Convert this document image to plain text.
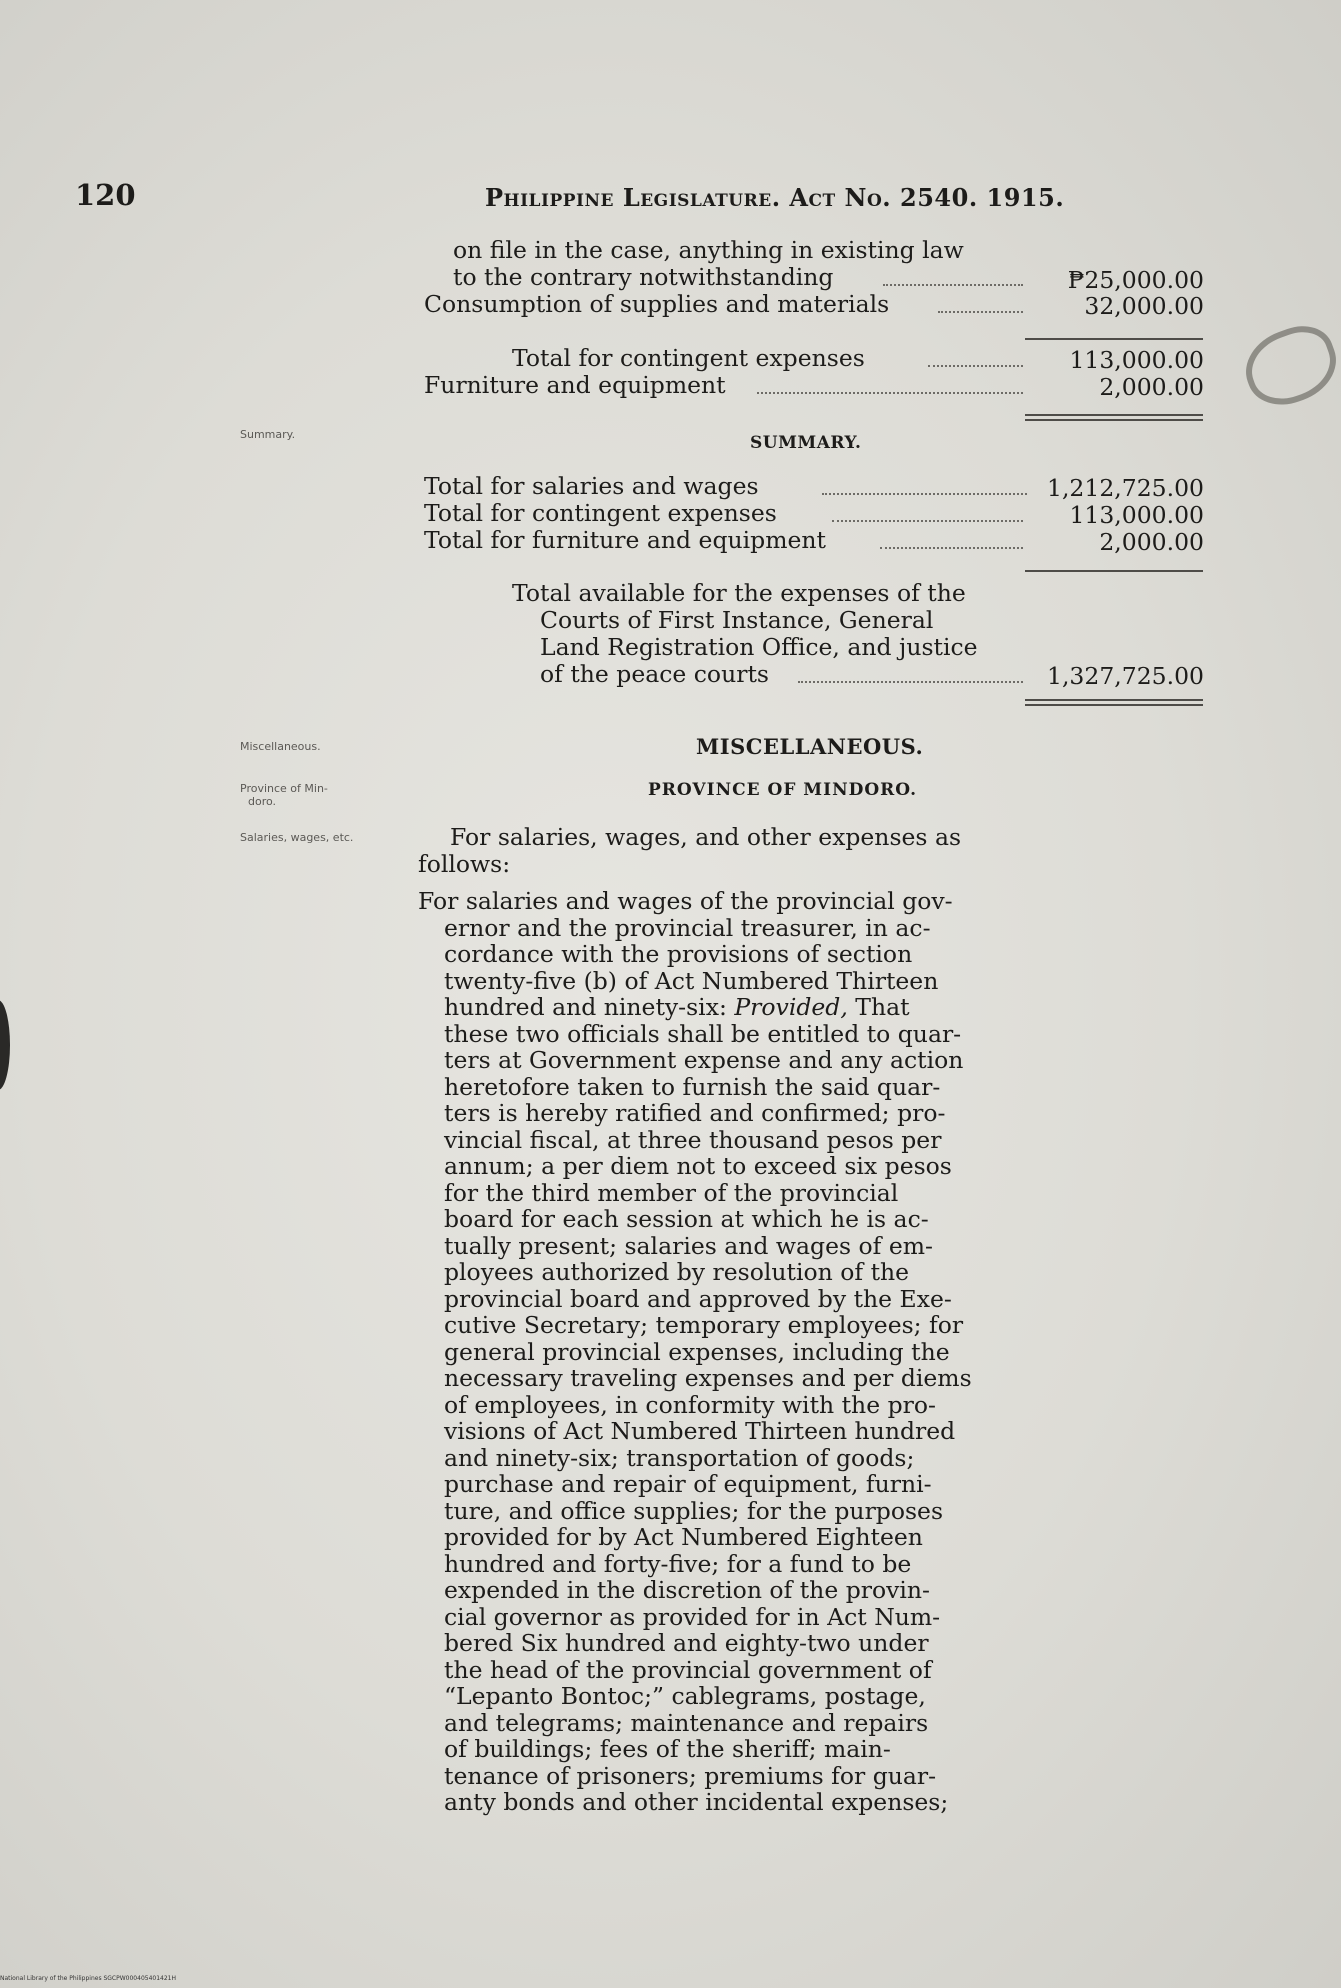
120	Philippine Legislature. Act No. 2540. 1915.
on file in the case, anything in existing law
to the contrary notwithstanding	₱25,000.00
Consumption of supplies and materials	32,000.00
Total for contingent expenses	113,000.00
Furniture and equipment	2,000.00
Summary.	SUMMARY.
Total for salaries and wages	1,212,725.00
Total for contingent expenses	113,000.00
Total for furniture and equipment	2,000.00
Total available for the expenses of the
Courts of First Instance, General
Land Registration Office, and justice
of the peace courts	1,327,725.00
Miscellaneous.	MISCELLANEOUS.
Province of Min-
doro.
PROVINCE OF MINDORO.
Salaries, wages, etc.	For salaries, wages, and other expenses as
follows:
For salaries and wages of the provincial gov-
ernor and the provincial treasurer, in ac-
cordance with the provisions of section
twenty-five (b) of Act Numbered Thirteen
hundred and ninety-six: Provided, That
these two officials shall be entitled to quar-
ters at Government expense and any action
heretofore taken to furnish the said quar-
ters is hereby ratified and confirmed; pro-
vincial fiscal, at three thousand pesos per
annum; a per diem not to exceed six pesos
for the third member of the provincial
board for each session at which he is ac-
tually present; salaries and wages of em-
ployees authorized by resolution of the
provincial board and approved by the Exe-
cutive Secretary; temporary employees; for
general provincial expenses, including the
necessary traveling expenses and per diems
of employees, in conformity with the pro-
visions of Act Numbered Thirteen hundred
and ninety-six; transportation of goods;
purchase and repair of equipment, furni-
ture, and office supplies; for the purposes
provided for by Act Numbered Eighteen
hundred and forty-five; for a fund to be
expended in the discretion of the provin-
cial governor as provided for in Act Num-
bered Six hundred and eighty-two under
the head of the provincial government of
“Lepanto Bontoc;” cablegrams, postage,
and telegrams; maintenance and repairs
of buildings; fees of the sheriff; main-
tenance of prisoners; premiums for guar-
anty bonds and other incidental expenses;
National Library of the Philippines SGCPW000405401421H
